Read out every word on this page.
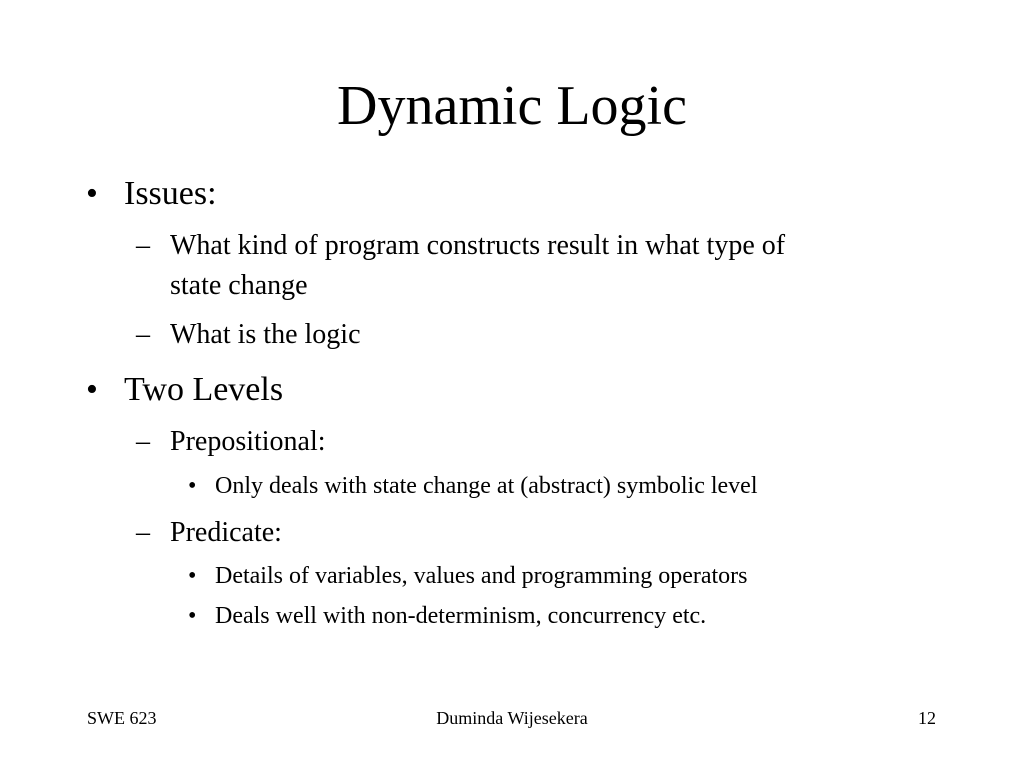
Dynamic Logic
• Issues:
– What kind of program constructs result in what type of
state change
– What is the logic
• Two Levels
– Prepositional:
• Only deals with state change at (abstract) symbolic level
– Predicate:
• Details of variables, values and programming operators
• Deals well with non-determinism, concurrency etc.
SWE 623	Duminda Wijesekera	12
